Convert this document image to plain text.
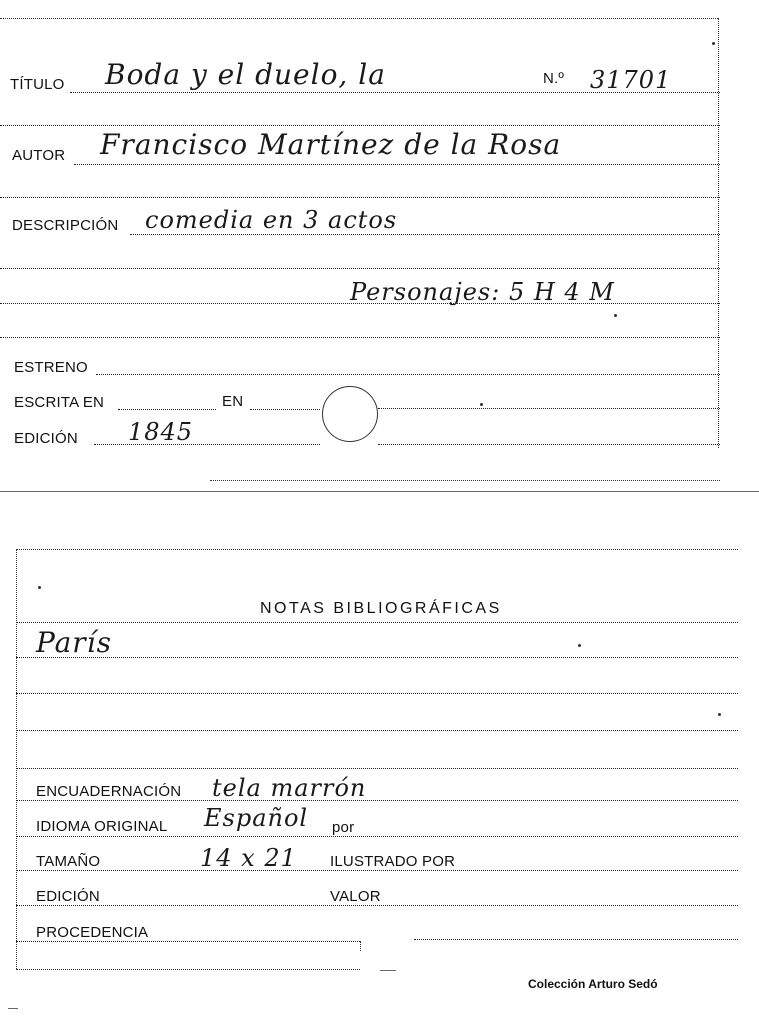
TÍTULO Boda y el duelo, la	N.º 31701
AUTOR Francisco Martínez de la Rosa
DESCRIPCIÓN comedia en 3 actos
Personajes: 5 H 4 M
ESTRENO
ESCRITA EN	EN
EDICIÓN 1845
NOTAS BIBLIOGRÁFICAS
París
ENCUADERNACIÓN tela marrón
IDIOMA ORIGINAL Español por
TAMAÑO	14 x 21 ILUSTRADO POR
EDICIÓN	VALOR
PROCEDENCIA
Colección Arturo Sedó
